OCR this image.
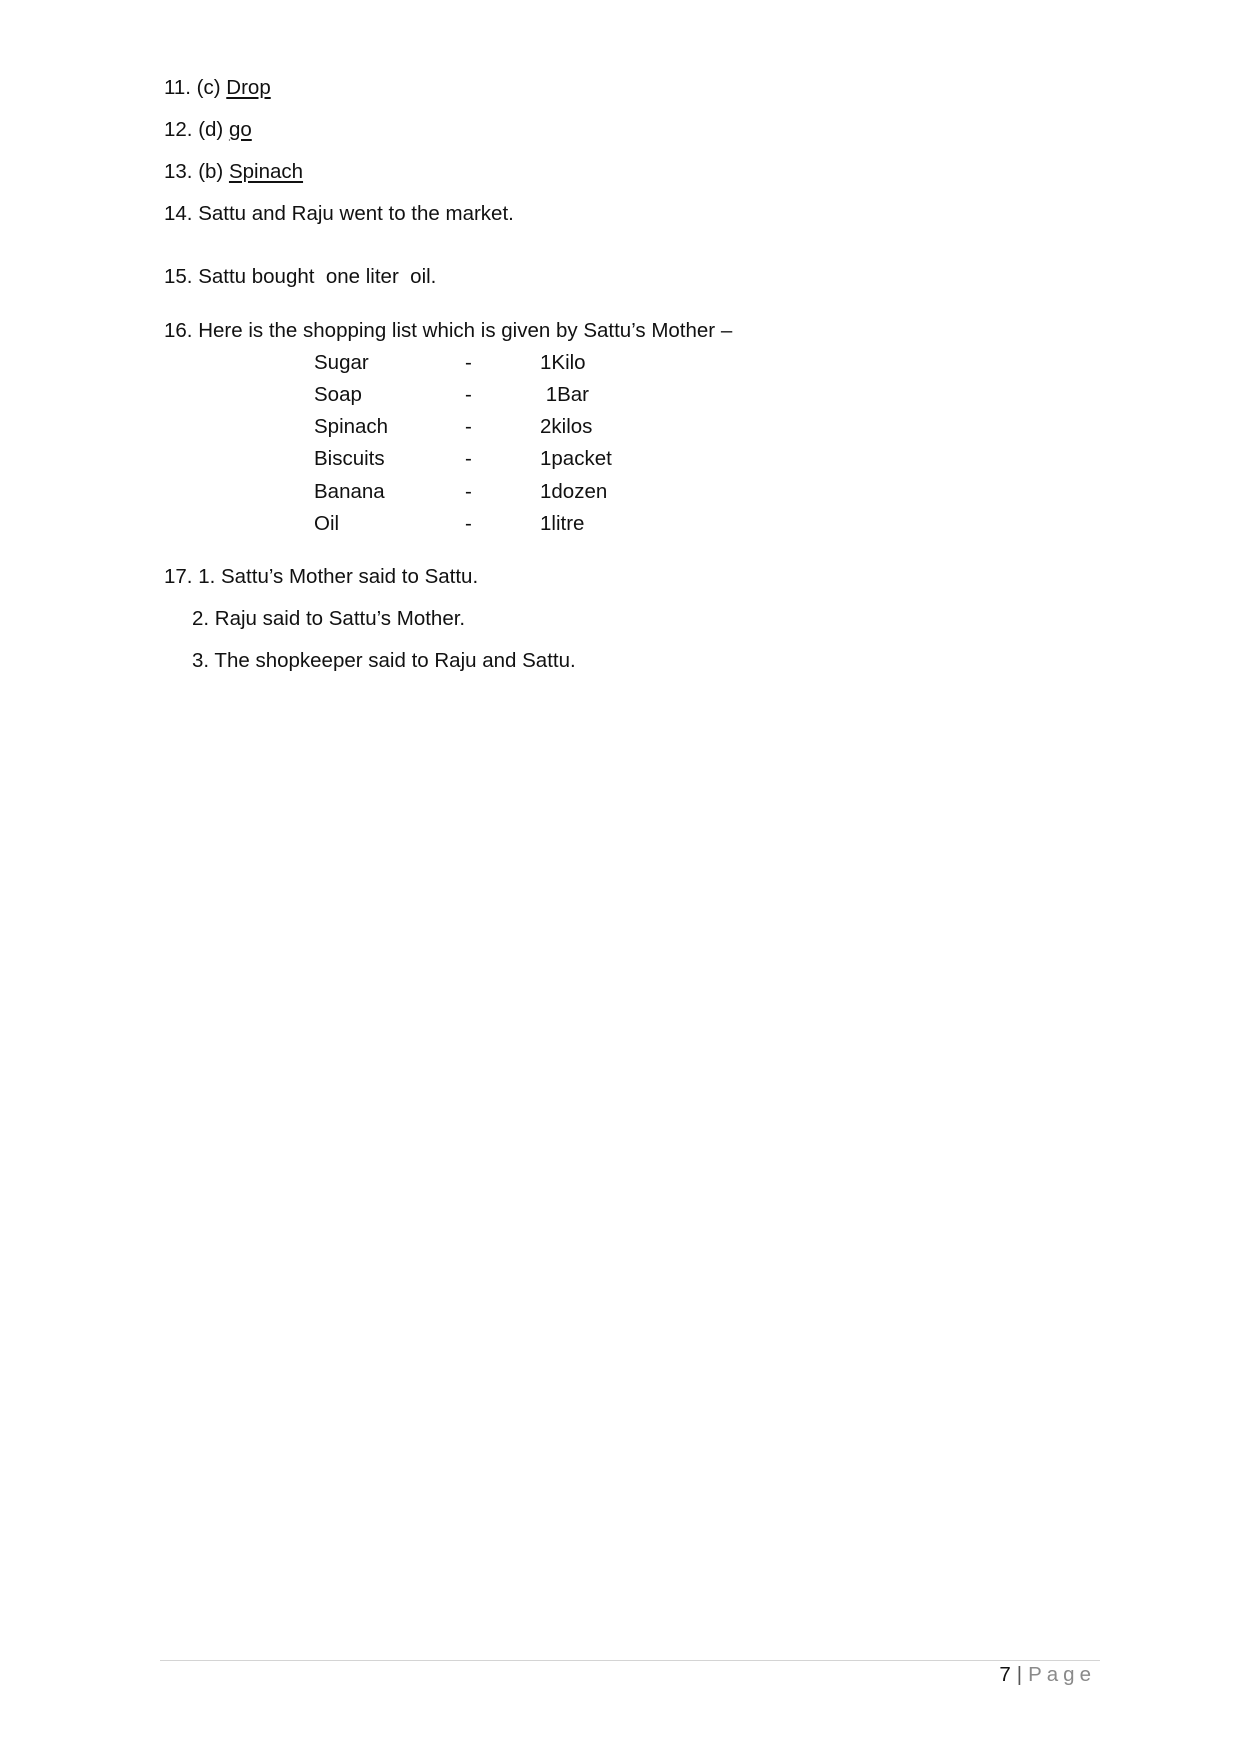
11. (c) Drop
12. (d) go
13. (b) Spinach
14. Sattu and Raju went to the market.
15. Sattu bought  one liter  oil.
16. Here is the shopping list which is given by Sattu’s Mother –
Sugar	-	1Kilo
Soap	-	1Bar
Spinach	-	2kilos
Biscuits	-	1packet
Banana	-	1dozen
Oil	-	1litre
17. 1. Sattu’s Mother said to Sattu.
2. Raju said to Sattu’s Mother.
3. The shopkeeper said to Raju and Sattu.
7 | Page
